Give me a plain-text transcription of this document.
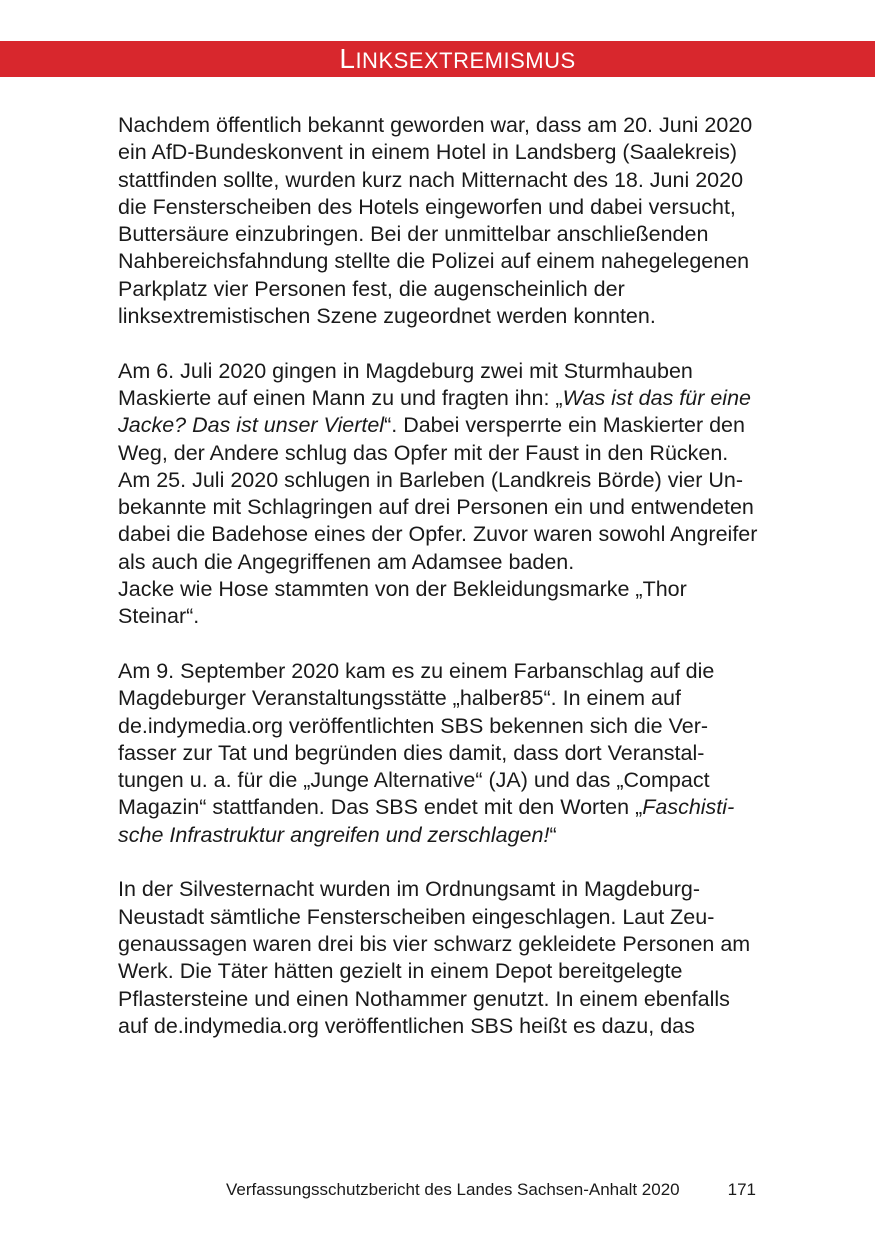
LINKSEXTREMISMUS

Nachdem öffentlich bekannt geworden war, dass am 20. Juni 2020 ein AfD-Bundeskonvent in einem Hotel in Landsberg (Saalekreis) stattfinden sollte, wurden kurz nach Mitternacht des 18. Juni 2020 die Fensterscheiben des Hotels eingeworfen und dabei versucht, Buttersäure einzubringen. Bei der unmittelbar anschließenden Nahbereichsfahndung stellte die Polizei auf einem nahegelegenen Parkplatz vier Personen fest, die augenscheinlich der linksextremistischen Szene zugeordnet werden konnten.

Am 6. Juli 2020 gingen in Magdeburg zwei mit Sturmhauben Maskierte auf einen Mann zu und fragten ihn: „Was ist das für eine Jacke? Das ist unser Viertel“. Dabei versperrte ein Maskierter den Weg, der Andere schlug das Opfer mit der Faust in den Rücken.

Am 25. Juli 2020 schlugen in Barleben (Landkreis Börde) vier Unbekannte mit Schlagringen auf drei Personen ein und entwendeten dabei die Badehose eines der Opfer. Zuvor waren sowohl Angreifer als auch die Angegriffenen am Adamsee baden.

Jacke wie Hose stammten von der Bekleidungsmarke „Thor Steinar“.

Am 9. September 2020 kam es zu einem Farbanschlag auf die Magdeburger Veranstaltungsstätte „halber85“. In einem auf de.indymedia.org veröffentlichten SBS bekennen sich die Verfasser zur Tat und begründen dies damit, dass dort Veranstaltungen u. a. für die „Junge Alternative“ (JA) und das „Compact Magazin“ stattfanden. Das SBS endet mit den Worten „Faschistische Infrastruktur angreifen und zerschlagen!“

In der Silvesternacht wurden im Ordnungsamt in Magdeburg-Neustadt sämtliche Fensterscheiben eingeschlagen. Laut Zeugenaussagen waren drei bis vier schwarz gekleidete Personen am Werk. Die Täter hätten gezielt in einem Depot bereitgelegte Pflastersteine und einen Nothammer genutzt. In einem ebenfalls auf de.indymedia.org veröffentlichen SBS heißt es dazu, das

Verfassungsschutzbericht des Landes Sachsen-Anhalt 2020	171
